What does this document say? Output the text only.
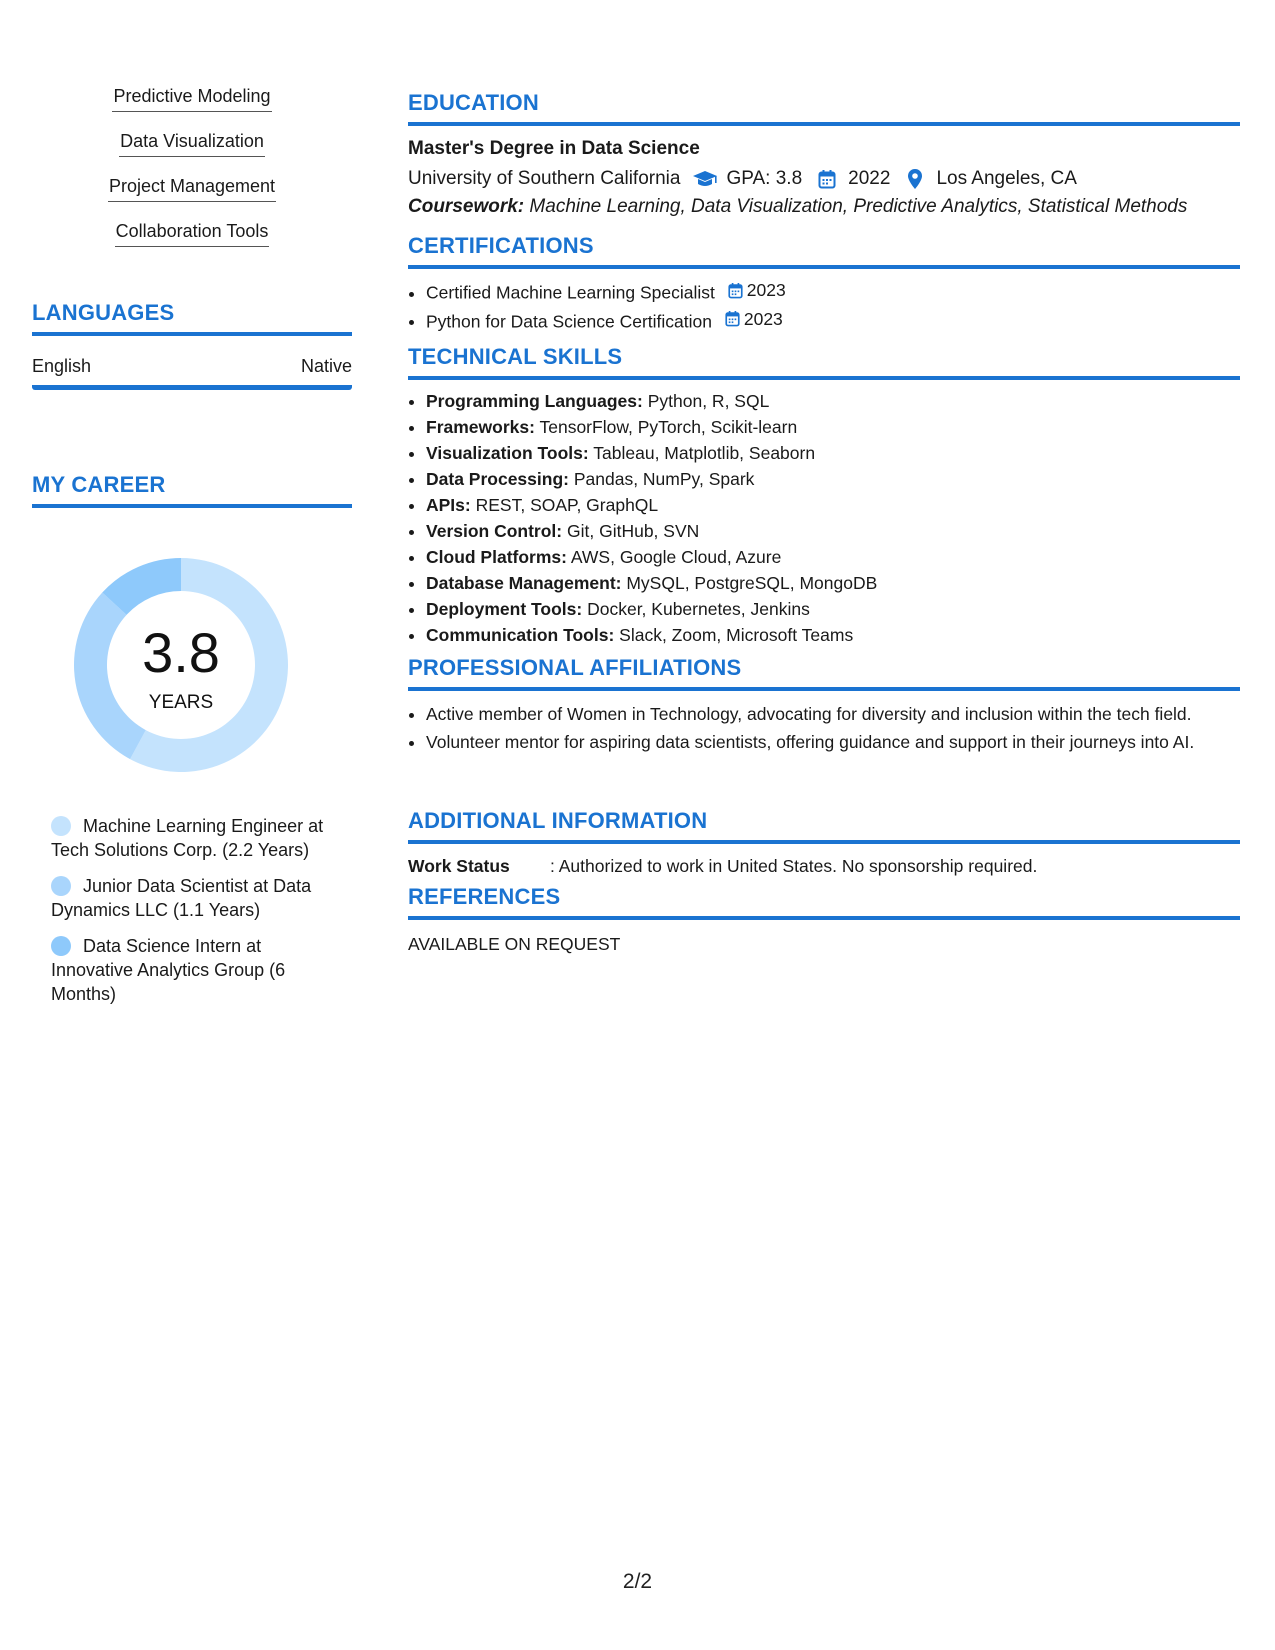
Predictive Modeling
Data Visualization
Project Management
Collaboration Tools
LANGUAGES
English	Native
MY CAREER
3.8
YEARS
Machine Learning Engineer at Tech Solutions Corp. (2.2 Years)
Junior Data Scientist at Data Dynamics LLC (1.1 Years)
Data Science Intern at Innovative Analytics Group (6 Months)
EDUCATION
Master's Degree in Data Science
University of Southern California GPA: 3.8 2022 Los Angeles, CA
Coursework: Machine Learning, Data Visualization, Predictive Analytics, Statistical Methods
CERTIFICATIONS
• Certified Machine Learning Specialist 2023
• Python for Data Science Certification 2023
TECHNICAL SKILLS
• Programming Languages: Python, R, SQL
• Frameworks: TensorFlow, PyTorch, Scikit-learn
• Visualization Tools: Tableau, Matplotlib, Seaborn
• Data Processing: Pandas, NumPy, Spark
• APIs: REST, SOAP, GraphQL
• Version Control: Git, GitHub, SVN
• Cloud Platforms: AWS, Google Cloud, Azure
• Database Management: MySQL, PostgreSQL, MongoDB
• Deployment Tools: Docker, Kubernetes, Jenkins
• Communication Tools: Slack, Zoom, Microsoft Teams
PROFESSIONAL AFFILIATIONS
• Active member of Women in Technology, advocating for diversity and inclusion within the tech field.
• Volunteer mentor for aspiring data scientists, offering guidance and support in their journeys into AI.
ADDITIONAL INFORMATION
Work Status	: Authorized to work in United States. No sponsorship required.
REFERENCES
AVAILABLE ON REQUEST
2/2
